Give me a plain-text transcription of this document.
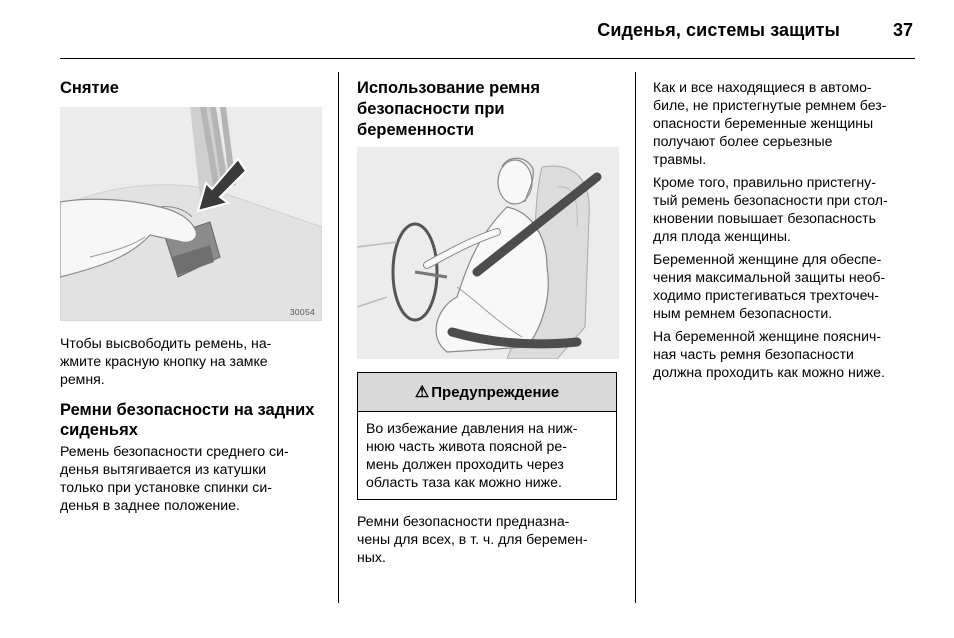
Сиденья, системы защиты	37
Снятие
30054

Чтобы высвободить ремень, на-
жмите красную кнопку на замке
ремня.

Ремни безопасности на задних сиденьях

Ремень безопасности среднего си-
денья вытягивается из катушки
только при установке спинки си-
денья в заднее положение.

Использование ремня безопасности при беременности
⚠ Предупреждение

Во избежание давления на ниж-
нюю часть живота поясной ре-
мень должен проходить через
область таза как можно ниже.

Ремни безопасности предназна-
чены для всех, в т. ч. для беремен-
ных.

Как и все находящиеся в автомо-
биле, не пристегнутые ремнем без-
опасности беременные женщины
получают более серьезные
травмы.

Кроме того, правильно пристегну-
тый ремень безопасности при стол-
кновении повышает безопасность
для плода женщины.

Беременной женщине для обеспе-
чения максимальной защиты необ-
ходимо пристегиваться трехточеч-
ным ремнем безопасности.

На беременной женщине пояснич-
ная часть ремня безопасности
должна проходить как можно ниже.
